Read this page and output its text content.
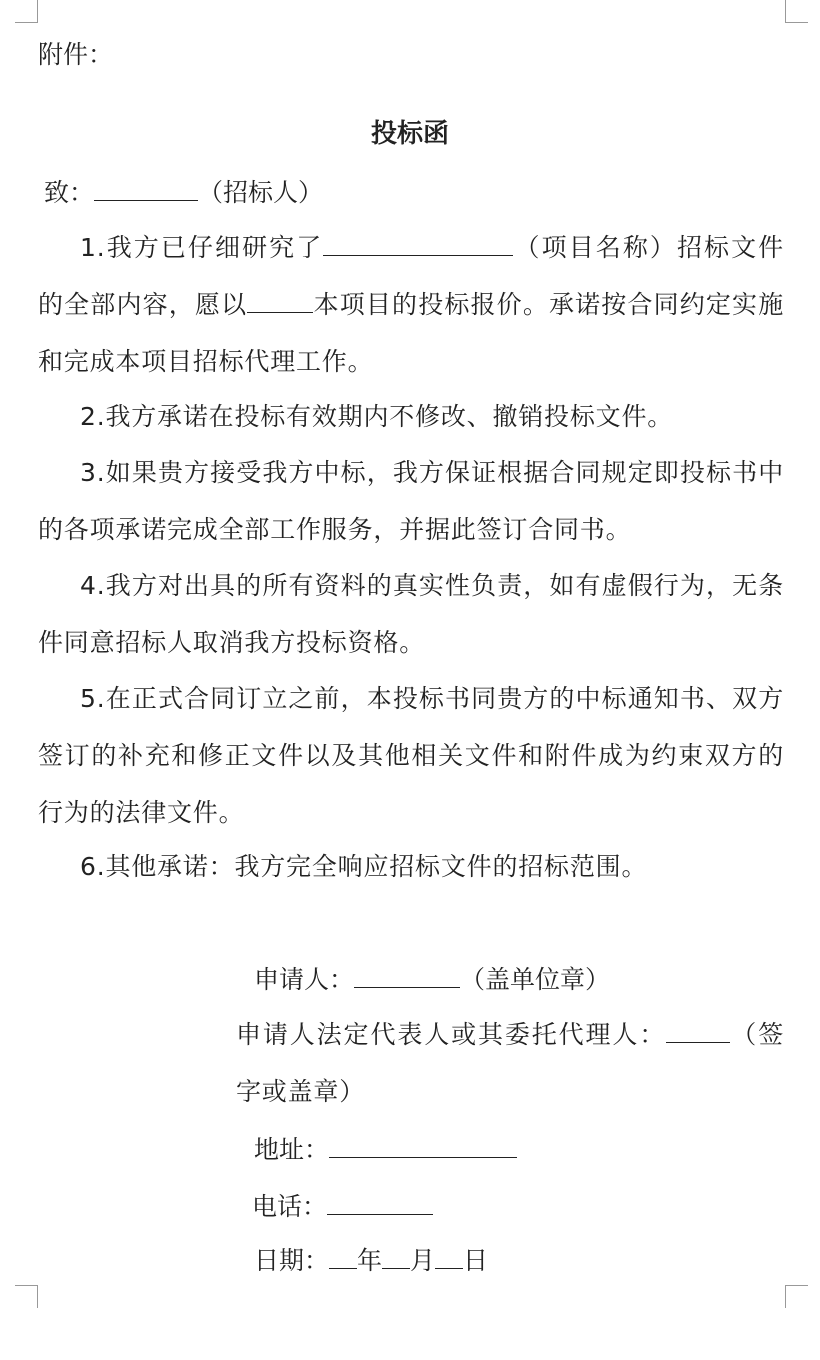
附件：
投标函
致：	（招标人）
1.我方已仔细研究了	（项目名称）招标文件的全部内容，愿以	本项目的投标报价。承诺按合同约定实施和完成本项目招标代理工作。
2.我方承诺在投标有效期内不修改、撤销投标文件。
3.如果贵方接受我方中标，我方保证根据合同规定即投标书中的各项承诺完成全部工作服务，并据此签订合同书。
4.我方对出具的所有资料的真实性负责，如有虚假行为，无条件同意招标人取消我方投标资格。
5.在正式合同订立之前，本投标书同贵方的中标通知书、双方签订的补充和修正文件以及其他相关文件和附件成为约束双方的行为的法律文件。
6.其他承诺：我方完全响应招标文件的招标范围。
申请人：	（盖单位章）
申请人法定代表人或其委托代理人：	（签字或盖章）
地址：
电话：
日期： 年 月 日
